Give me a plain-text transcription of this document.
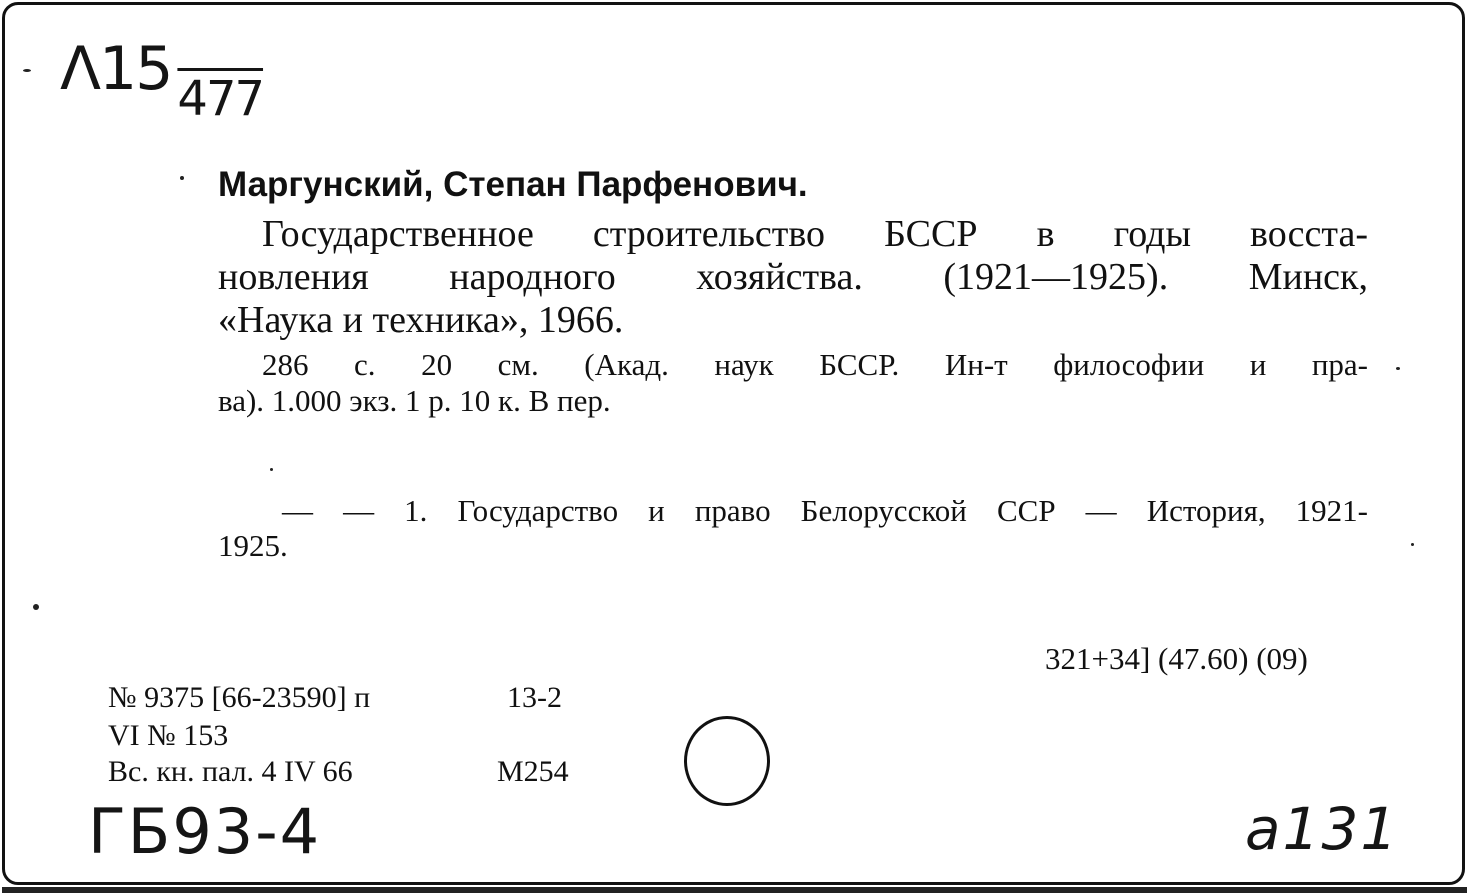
Λ15 $_{477}$
Маргунский, Степан Парфенович.
Государственное строительство БССР в годы восста-
новления народного хозяйства. (1921—1925). Минск,
«Наука и техника», 1966.
286 с. 20 см. (Акад. наук БССР. Ин-т философии и пра-
ва). 1.000 экз. 1 р. 10 к. В пер.
— — 1. Государство и право Белорусской ССР — История, 1921-
1925.
321+34] (47.60) (09)
№ 9375 [66-23590] п	13-2
VI № 153
Вс. кн. пал. 4 IV 66	М254
ГБ93-4	a131
